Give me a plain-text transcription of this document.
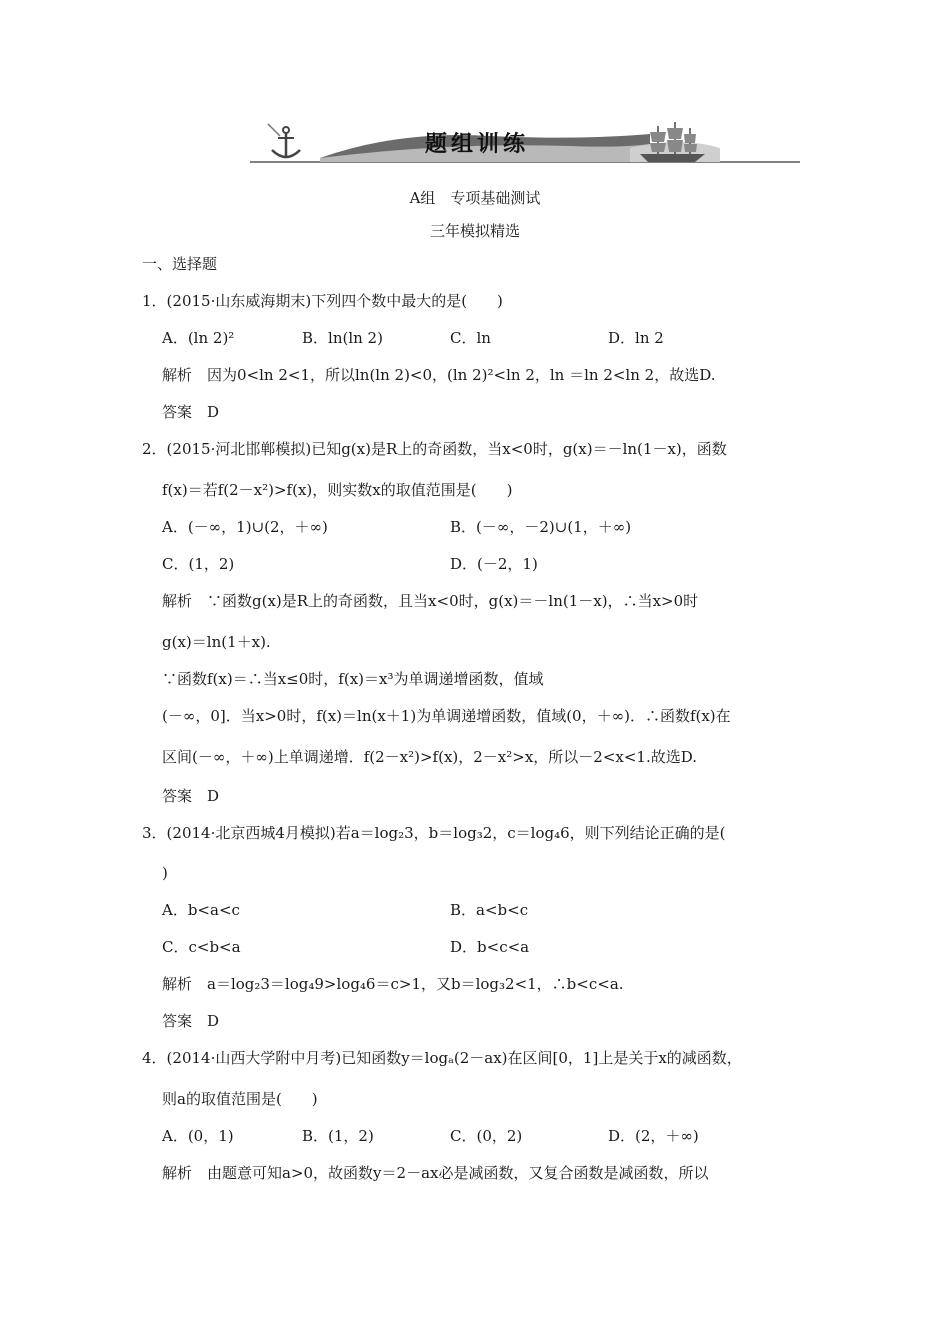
题组训练
A组　专项基础测试
三年模拟精选
一、选择题
1．(2015·山东威海期末)下列四个数中最大的是(　　)
A．(ln 2)²	B．ln(ln 2)	C．ln	D．ln 2
解析　因为0<ln 2<1，所以ln(ln 2)<0，(ln 2)²<ln 2，ln ＝ln 2<ln 2，故选D.
答案　D
2．(2015·河北邯郸模拟)已知g(x)是R上的奇函数，当x<0时，g(x)＝－ln(1－x)，函数
f(x)＝若f(2－x²)>f(x)，则实数x的取值范围是(　　)
A．(－∞，1)∪(2，＋∞)	B．(－∞，－2)∪(1，＋∞)
C．(1，2)	D．(－2，1)
解析　∵函数g(x)是R上的奇函数，且当x<0时，g(x)＝－ln(1－x)，∴当x>0时
g(x)＝ln(1＋x).
∵函数f(x)＝∴当x≤0时，f(x)＝x³为单调递增函数，值域
(－∞，0]．当x>0时，f(x)＝ln(x＋1)为单调递增函数，值域(0，＋∞)．∴函数f(x)在
区间(－∞，＋∞)上单调递增．f(2－x²)>f(x)，2－x²>x，所以－2<x<1.故选D.
答案　D
3．(2014·北京西城4月模拟)若a＝log₂3，b＝log₃2，c＝log₄6，则下列结论正确的是(
)
A．b<a<c	B．a<b<c
C．c<b<a	D．b<c<a
解析　a＝log₂3＝log₄9>log₄6＝c>1，又b＝log₃2<1，∴b<c<a.
答案　D
4．(2014·山西大学附中月考)已知函数y＝logₐ(2－ax)在区间[0，1]上是关于x的减函数，
则a的取值范围是(　　)
A．(0，1)	B．(1，2)	C．(0，2)	D．(2，＋∞)
解析　由题意可知a>0，故函数y＝2－ax必是减函数，又复合函数是减函数，所以
